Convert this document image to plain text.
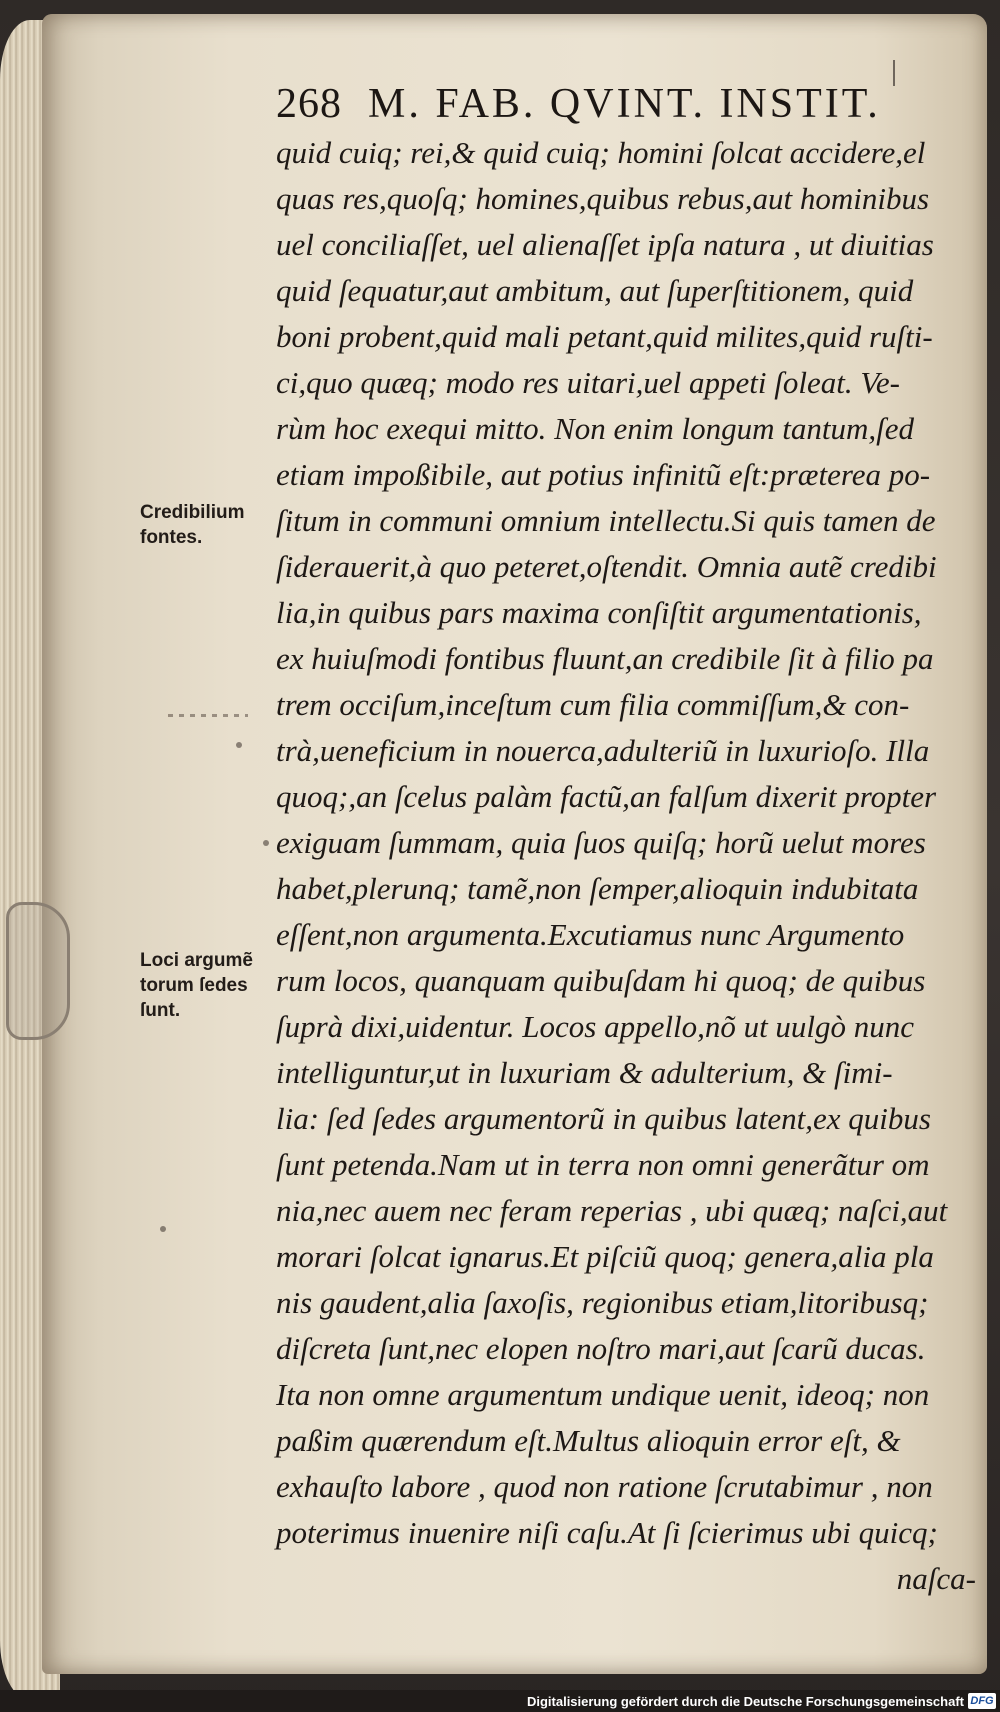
268 M. FAB. QVINT. INSTIT.
quid cuiq; rei,& quid cuiq; homini ſolcat accidere,el
quas res,quoſq; homines,quibus rebus,aut hominibus
uel conciliaſſet, uel alienaſſet ipſa natura , ut diuitias
quid ſequatur,aut ambitum, aut ſuperſtitionem, quid
boni probent,quid mali petant,quid milites,quid ruſti-
ci,quo quæq; modo res uitari,uel appeti ſoleat. Ve-
rùm hoc exequi mitto. Non enim longum tantum,ſed
etiam impoßibile, aut potius infinitũ eſt:præterea po-
ſitum in communi omnium intellectu.Si quis tamen de
ſiderauerit,à quo peteret,oſtendit. Omnia autẽ credibi
lia,in quibus pars maxima conſiſtit argumentationis,
ex huiuſmodi fontibus fluunt,an credibile ſit à filio pa
trem occiſum,inceſtum cum filia commiſſum,& con-
trà,ueneficium in nouerca,adulteriũ in luxurioſo. Illa
quoq;,an ſcelus palàm factũ,an falſum dixerit propter
exiguam ſummam, quia ſuos quiſq; horũ uelut mores
habet,plerunq; tamẽ,non ſemper,alioquin indubitata
eſſent,non argumenta.Excutiamus nunc Argumento
rum locos, quanquam quibuſdam hi quoq; de quibus
ſuprà dixi,uidentur. Locos appello,nõ ut uulgò nunc
intelliguntur,ut in luxuriam & adulterium, & ſimi-
lia: ſed ſedes argumentorũ in quibus latent,ex quibus
ſunt petenda.Nam ut in terra non omni generãtur om
nia,nec auem nec feram reperias , ubi quæq; naſci,aut
morari ſolcat ignarus.Et piſciũ quoq; genera,alia pla
nis gaudent,alia ſaxoſis, regionibus etiam,litoribusq;
diſcreta ſunt,nec elopen noſtro mari,aut ſcarũ ducas.
Ita non omne argumentum undique uenit, ideoq; non
paßim quærendum eſt.Multus alioquin error eſt, &
exhauſto labore , quod non ratione ſcrutabimur , non
poterimus inuenire niſi caſu.At ſi ſcierimus ubi quicq;
naſca-
Credibilium
fontes.
Loci argumẽ
torum ſedes
ſunt.
Digitalisierung gefördert durch die Deutsche Forschungsgemeinschaft DFG
